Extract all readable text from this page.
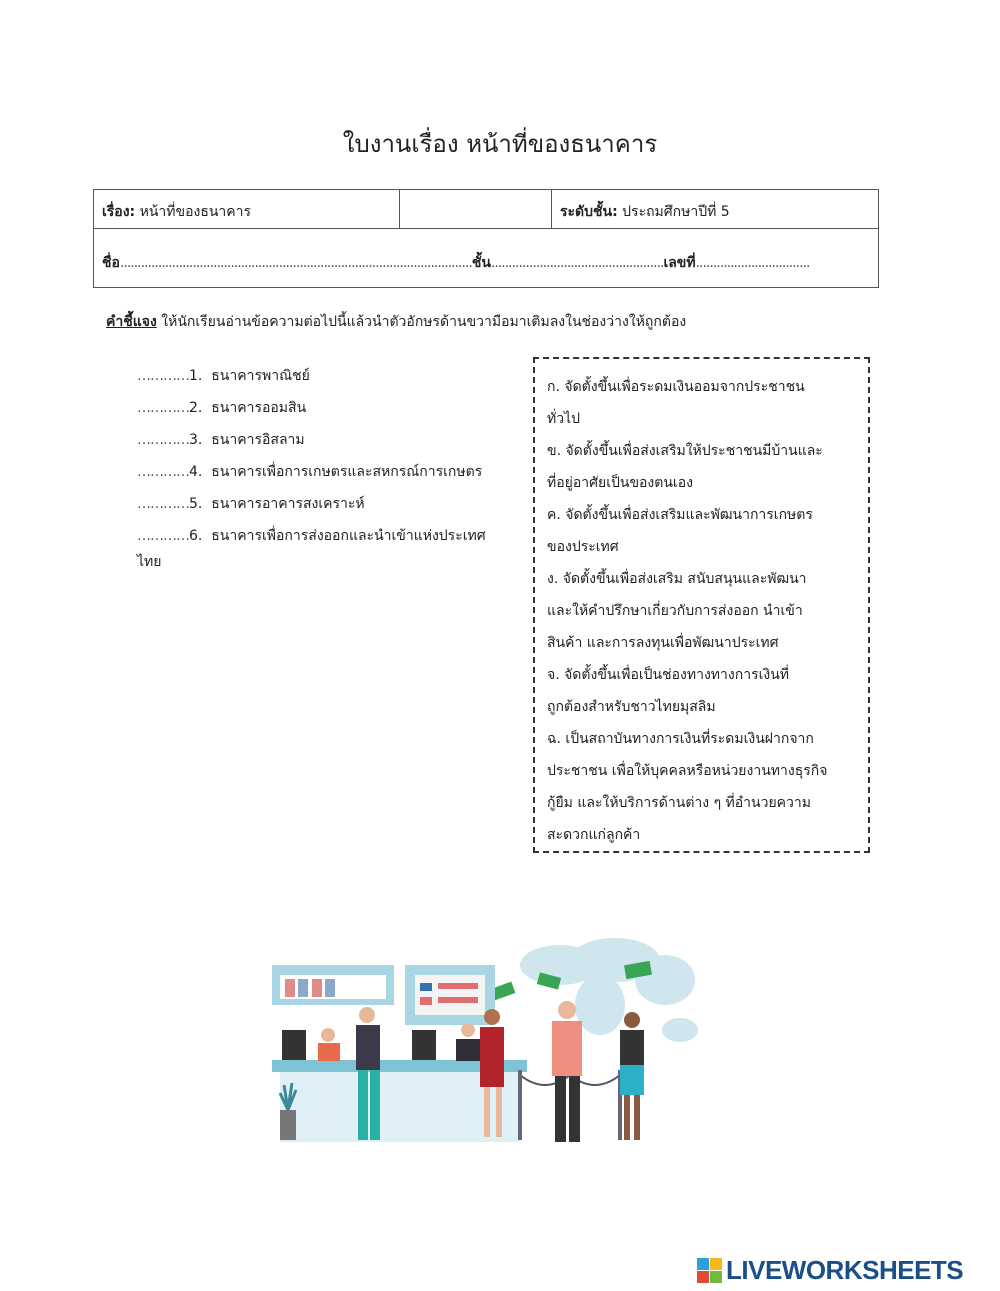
ใบงานเรื่อง หน้าที่ของธนาคาร
เรื่อง: หน้าที่ของธนาคาร	ระดับชั้น: ประถมศึกษาปีที่ 5
ชื่อ......................................................................................................ชั้น..................................................เลขที่.................................
คำชี้แจง ให้นักเรียนอ่านข้อความต่อไปนี้แล้วนำตัวอักษรด้านขวามือมาเติมลงในช่องว่างให้ถูกต้อง
…………1. ธนาคารพาณิชย์
…………2. ธนาคารออมสิน
…………3. ธนาคารอิสลาม
…………4. ธนาคารเพื่อการเกษตรและสหกรณ์การเกษตร
…………5. ธนาคารอาคารสงเคราะห์
…………6. ธนาคารเพื่อการส่งออกและนำเข้าแห่งประเทศ
ไทย
ก. จัดตั้งขึ้นเพื่อระดมเงินออมจากประชาชน
ทั่วไป
ข. จัดตั้งขึ้นเพื่อส่งเสริมให้ประชาชนมีบ้านและ
ที่อยู่อาศัยเป็นของตนเอง
ค. จัดตั้งขึ้นเพื่อส่งเสริมและพัฒนาการเกษตร
ของประเทศ
ง. จัดตั้งขึ้นเพื่อส่งเสริม สนับสนุนและพัฒนา
และให้คำปรึกษาเกี่ยวกับการส่งออก นำเข้า
สินค้า และการลงทุนเพื่อพัฒนาประเทศ
จ. จัดตั้งขึ้นเพื่อเป็นช่องทางทางการเงินที่
ถูกต้องสำหรับชาวไทยมุสลิม
ฉ. เป็นสถาบันทางการเงินที่ระดมเงินฝากจาก
ประชาชน เพื่อให้บุคคลหรือหน่วยงานทางธุรกิจ
กู้ยืม และให้บริการด้านต่าง ๆ ที่อำนวยความ
สะดวกแก่ลูกค้า
LIVEWORKSHEETS
